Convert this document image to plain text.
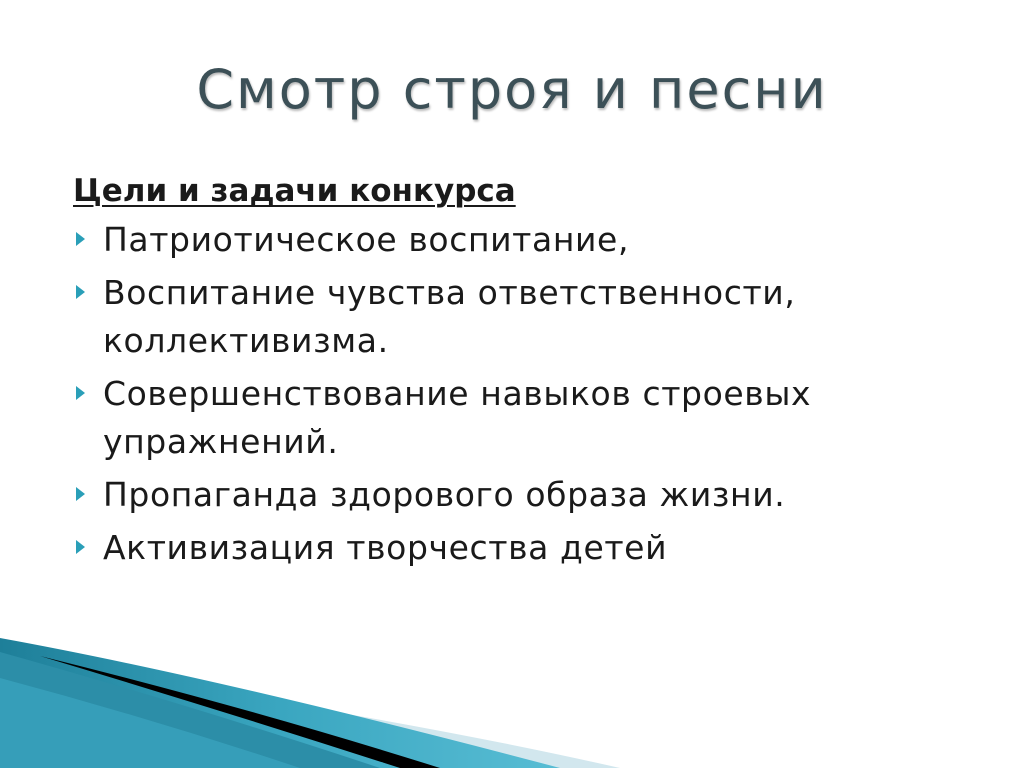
Смотр строя и песни
Цели и задачи конкурса
Патриотическое воспитание,
Воспитание чувства ответственности, коллективизма.
Совершенствование навыков строевых упражнений.
Пропаганда здорового образа жизни.
Активизация творчества детей
